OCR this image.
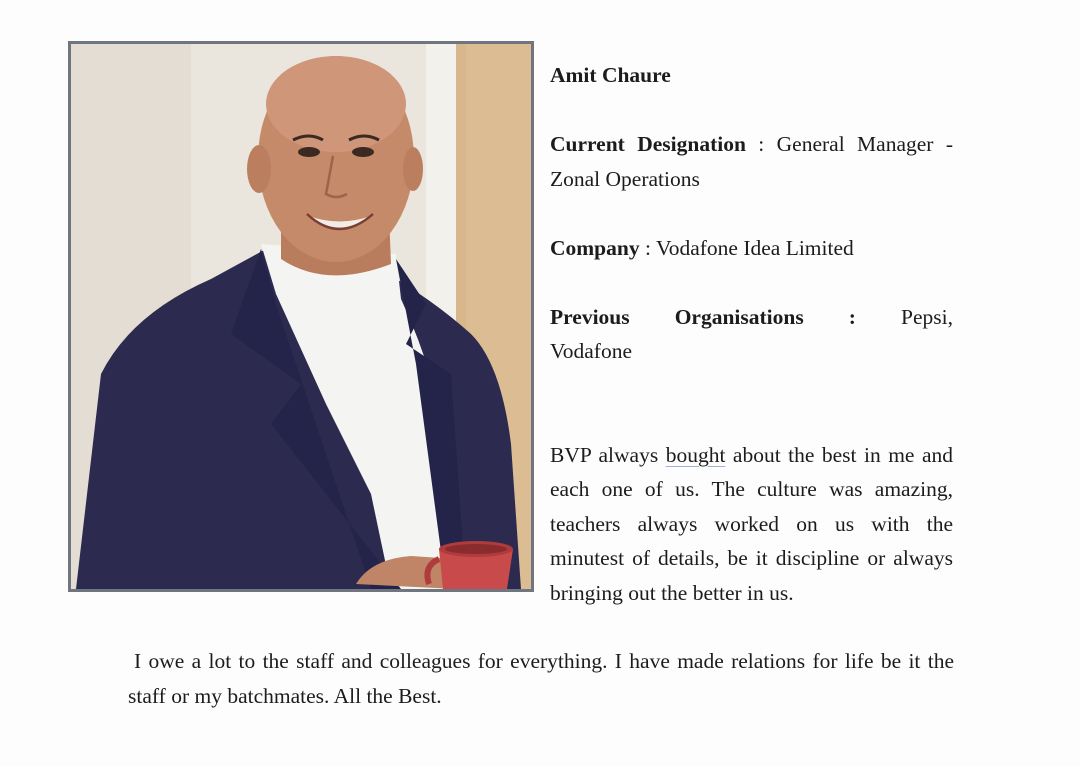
Amit Chaure

Current Designation : General Manager - Zonal Operations

Company : Vodafone Idea Limited

Previous Organisations : Pepsi,

Vodafone

BVP always bought about the best in me and each one of us. The culture was amazing, teachers always worked on us with the minutest of details, be it discipline or always bringing out the better in us.

I owe a lot to the staff and colleagues for everything. I have made relations for life be it the staff or my batchmates. All the Best.
